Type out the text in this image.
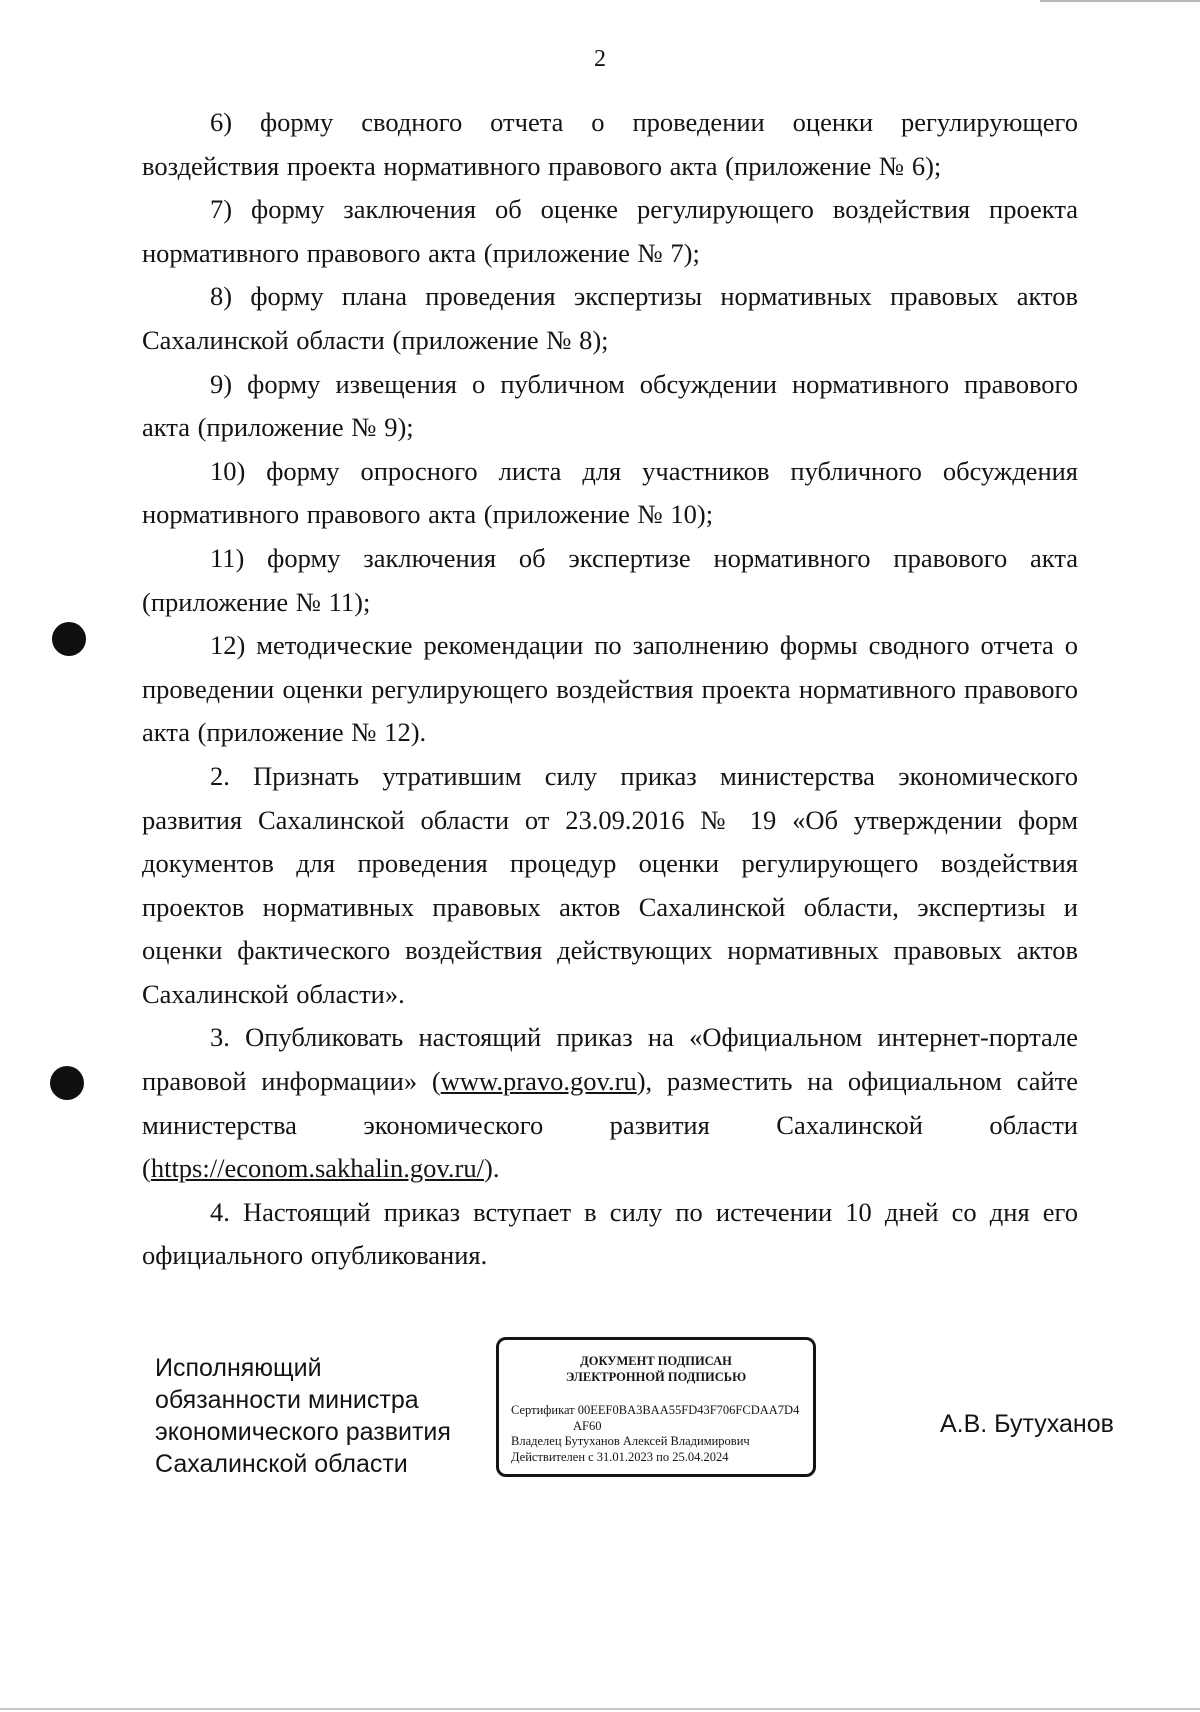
2

6) форму сводного отчета о проведении оценки регулирующего воздействия проекта нормативного правового акта (приложение № 6);

7) форму заключения об оценке регулирующего воздействия проекта нормативного правового акта (приложение № 7);

8) форму плана проведения экспертизы нормативных правовых актов Сахалинской области (приложение № 8);

9) форму извещения о публичном обсуждении нормативного правового акта (приложение № 9);

10) форму опросного листа для участников публичного обсуждения нормативного правового акта (приложение № 10);

11) форму заключения об экспертизе нормативного правового акта (приложение № 11);

12) методические рекомендации по заполнению формы сводного отчета о проведении оценки регулирующего воздействия проекта нормативного правового акта (приложение № 12).

2. Признать утратившим силу приказ министерства экономического развития Сахалинской области от 23.09.2016 № 19 «Об утверждении форм документов для проведения процедур оценки регулирующего воздействия проектов нормативных правовых актов Сахалинской области, экспертизы и оценки фактического воздействия действующих нормативных правовых актов Сахалинской области».

3. Опубликовать настоящий приказ на «Официальном интернет-портале правовой информации» (www.pravo.gov.ru), разместить на официальном сайте министерства экономического развития Сахалинской области (https://econom.sakhalin.gov.ru/).

4. Настоящий приказ вступает в силу по истечении 10 дней со дня его официального опубликования.

Исполняющий
обязанности министра
экономического развития
Сахалинской области
ДОКУМЕНТ ПОДПИСАН
ЭЛЕКТРОННОЙ ПОДПИСЬЮ
Сертификат 00EEF0BA3BAA55FD43F706FCDAA7D4
AF60
Владелец Бутуханов Алексей Владимирович
Действителен с 31.01.2023 по 25.04.2024
А.В. Бутуханов
